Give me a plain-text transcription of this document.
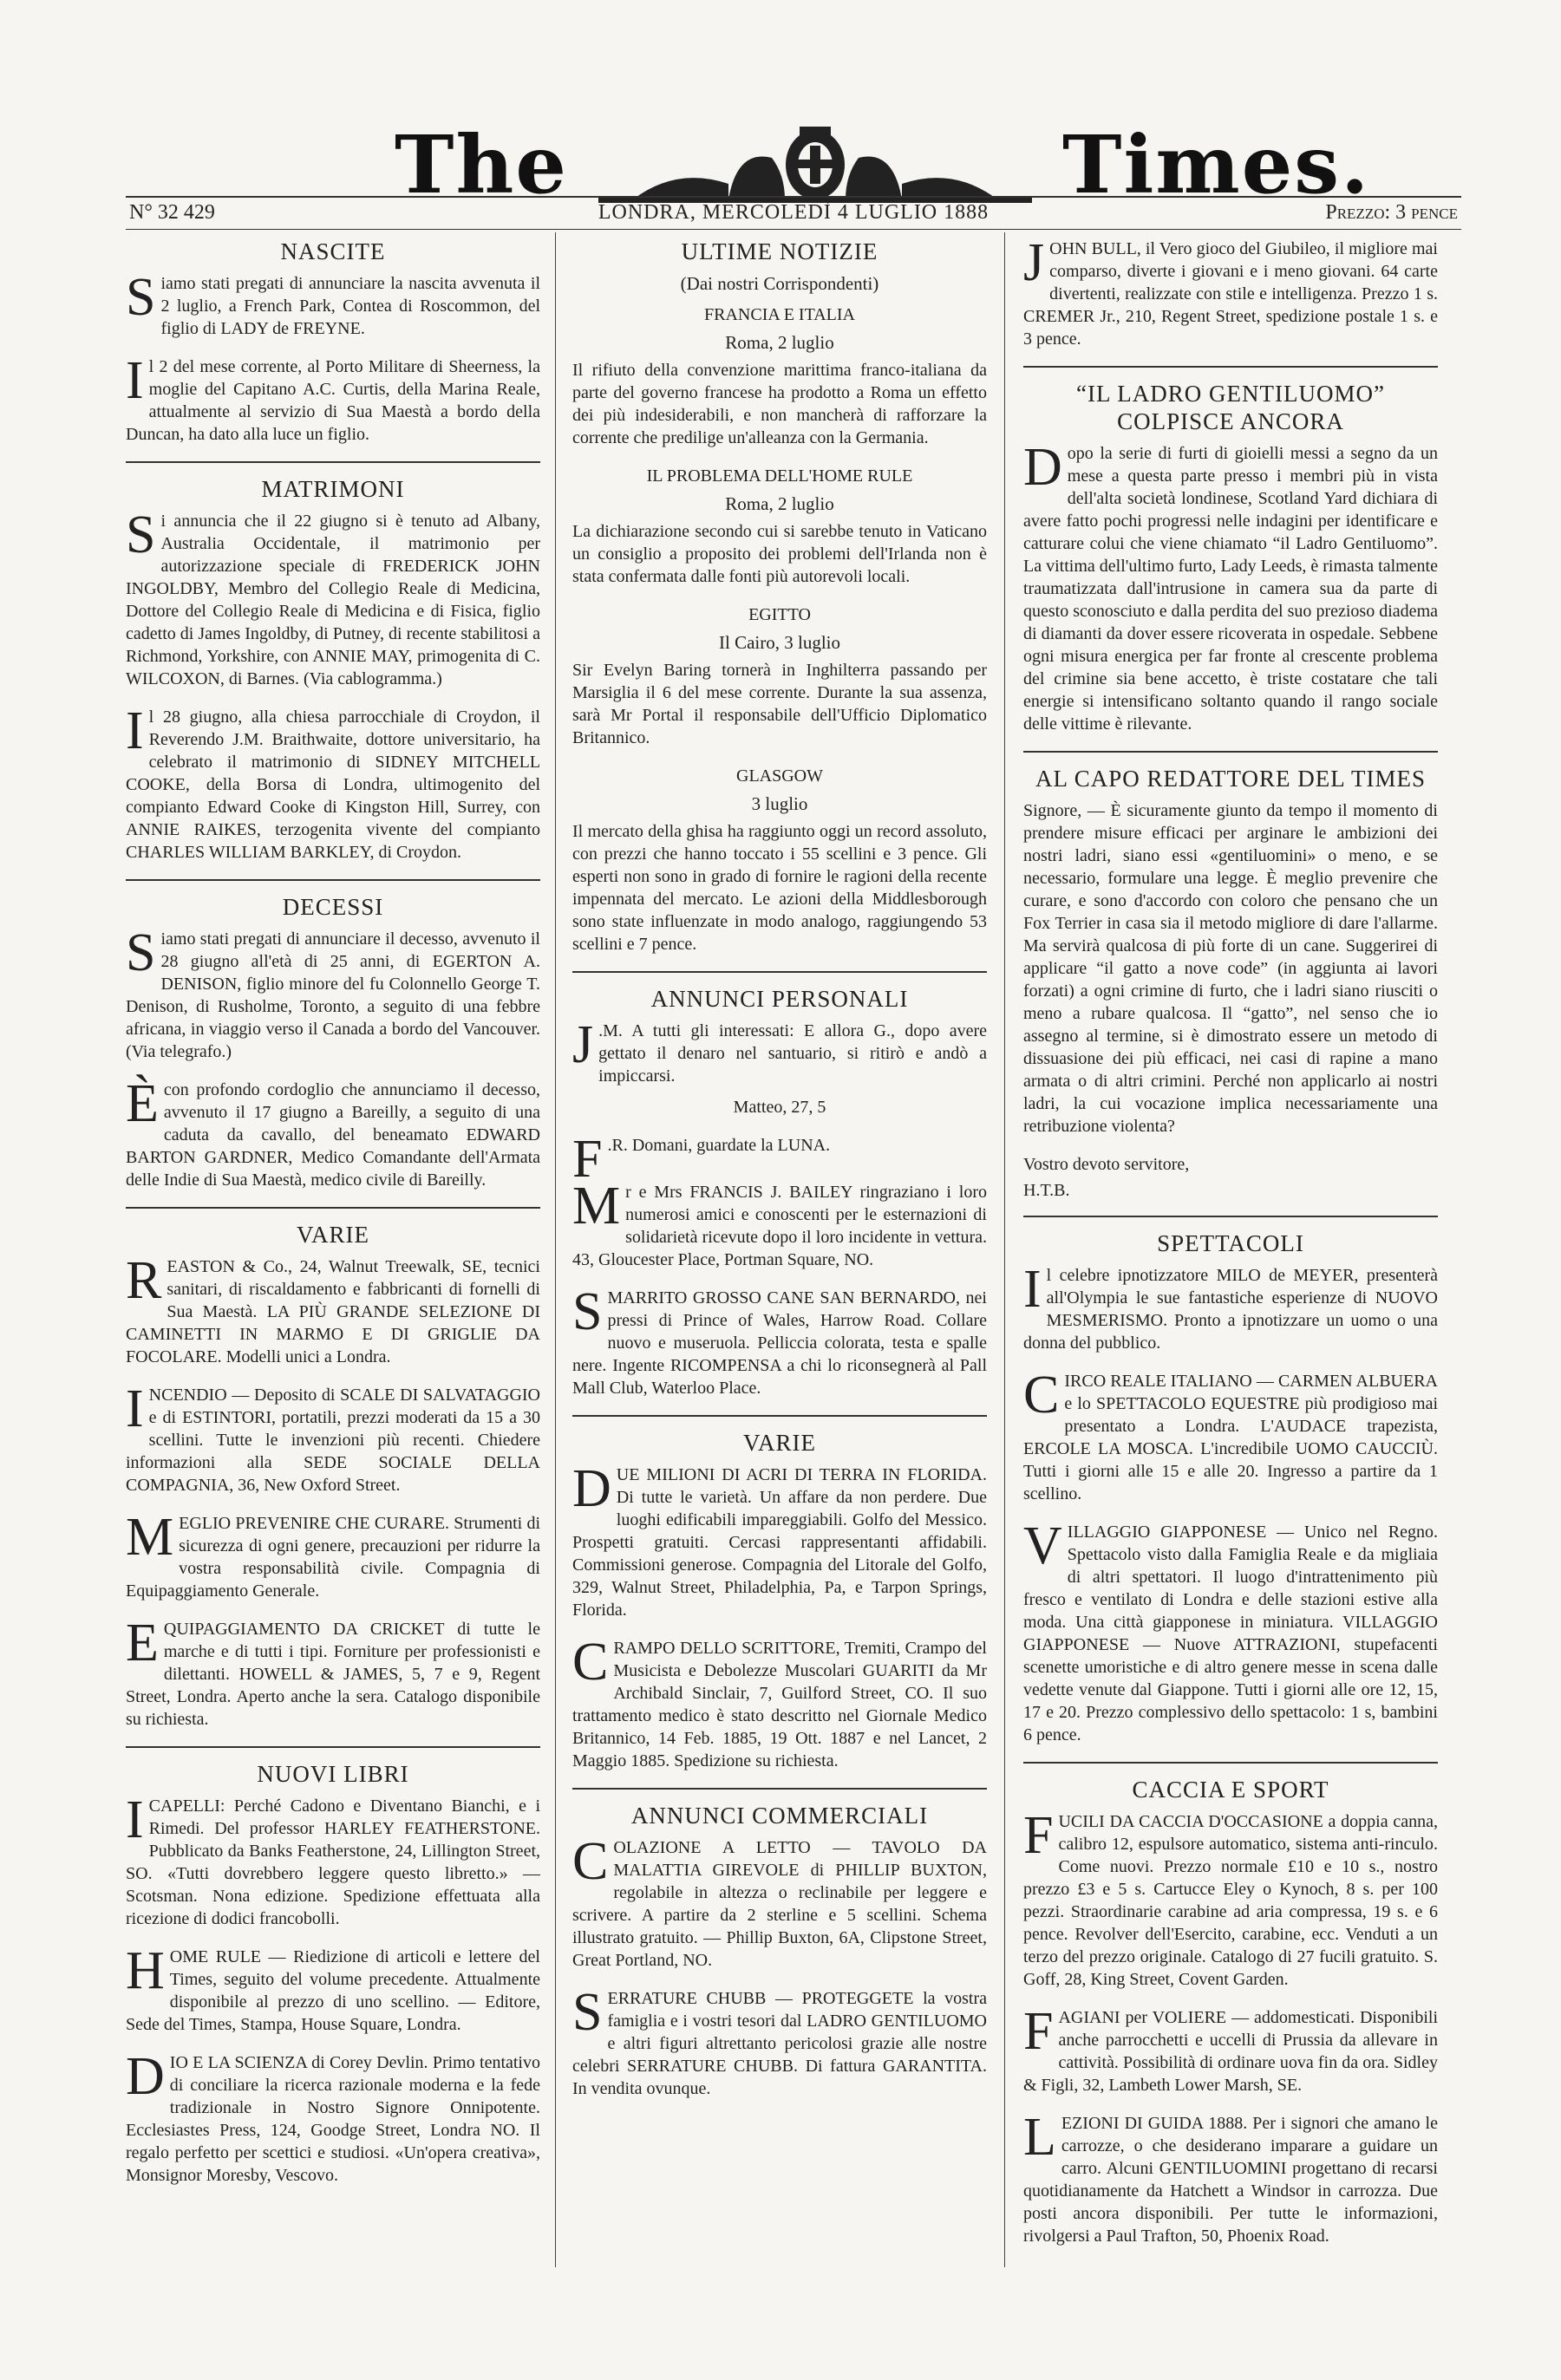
The	Times.
N° 32 429	LONDRA, MERCOLEDÌ 4 LUGLIO 1888	Prezzo: 3 pence
NASCITE

Siamo stati pregati di annunciare la nascita avvenuta il 2 luglio, a French Park, Contea di Roscommon, del figlio di LADY de FREYNE.

Il 2 del mese corrente, al Porto Militare di Sheerness, la moglie del Capitano A.C. Curtis, della Marina Reale, attualmente al servizio di Sua Maestà a bordo della Duncan, ha dato alla luce un figlio.

MATRIMONI

Si annuncia che il 22 giugno si è tenuto ad Albany, Australia Occidentale, il matrimonio per autorizzazione speciale di FREDERICK JOHN INGOLDBY, Membro del Collegio Reale di Medicina, Dottore del Collegio Reale di Medicina e di Fisica, figlio cadetto di James Ingoldby, di Putney, di recente stabilitosi a Richmond, Yorkshire, con ANNIE MAY, primogenita di C. WILCOXON, di Barnes. (Via cablogramma.)

Il 28 giugno, alla chiesa parrocchiale di Croydon, il Reverendo J.M. Braithwaite, dottore universitario, ha celebrato il matrimonio di SIDNEY MITCHELL COOKE, della Borsa di Londra, ultimogenito del compianto Edward Cooke di Kingston Hill, Surrey, con ANNIE RAIKES, terzogenita vivente del compianto CHARLES WILLIAM BARKLEY, di Croydon.

DECESSI

Siamo stati pregati di annunciare il decesso, avvenuto il 28 giugno all'età di 25 anni, di EGERTON A. DENISON, figlio minore del fu Colonnello George T. Denison, di Rusholme, Toronto, a seguito di una febbre africana, in viaggio verso il Canada a bordo del Vancouver. (Via telegrafo.)

Ècon profondo cordoglio che annunciamo il decesso, avvenuto il 17 giugno a Bareilly, a seguito di una caduta da cavallo, del beneamato EDWARD BARTON GARDNER, Medico Comandante dell'Armata delle Indie di Sua Maestà, medico civile di Bareilly.

VARIE

REASTON & Co., 24, Walnut Treewalk, SE, tecnici sanitari, di riscaldamento e fabbricanti di fornelli di Sua Maestà. LA PIÙ GRANDE SELEZIONE DI CAMINETTI IN MARMO E DI GRIGLIE DA FOCOLARE. Modelli unici a Londra.

INCENDIO — Deposito di SCALE DI SALVATAGGIO e di ESTINTORI, portatili, prezzi moderati da 15 a 30 scellini. Tutte le invenzioni più recenti. Chiedere informazioni alla SEDE SOCIALE DELLA COMPAGNIA, 36, New Oxford Street.

MEGLIO PREVENIRE CHE CURARE. Strumenti di sicurezza di ogni genere, precauzioni per ridurre la vostra responsabilità civile. Compagnia di Equipaggiamento Generale.

EQUIPAGGIAMENTO DA CRICKET di tutte le marche e di tutti i tipi. Forniture per professionisti e dilettanti. HOWELL & JAMES, 5, 7 e 9, Regent Street, Londra. Aperto anche la sera. Catalogo disponibile su richiesta.

NUOVI LIBRI

ICAPELLI: Perché Cadono e Diventano Bianchi, e i Rimedi. Del professor HARLEY FEATHERSTONE. Pubblicato da Banks Featherstone, 24, Lillington Street, SO. «Tutti dovrebbero leggere questo libretto.» — Scotsman. Nona edizione. Spedizione effettuata alla ricezione di dodici francobolli.

HOME RULE — Riedizione di articoli e lettere del Times, seguito del volume precedente. Attualmente disponibile al prezzo di uno scellino. — Editore, Sede del Times, Stampa, House Square, Londra.

DIO E LA SCIENZA di Corey Devlin. Primo tentativo di conciliare la ricerca razionale moderna e la fede tradizionale in Nostro Signore Onnipotente. Ecclesiastes Press, 124, Goodge Street, Londra NO. Il regalo perfetto per scettici e studiosi. «Un'opera creativa», Monsignor Moresby, Vescovo.

ULTIME NOTIZIE
(Dai nostri Corrispondenti)
FRANCIA E ITALIA
Roma, 2 luglio

Il rifiuto della convenzione marittima franco-italiana da parte del governo francese ha prodotto a Roma un effetto dei più indesiderabili, e non mancherà di rafforzare la corrente che predilige un'alleanza con la Germania.

IL PROBLEMA DELL'HOME RULE
Roma, 2 luglio

La dichiarazione secondo cui si sarebbe tenuto in Vaticano un consiglio a proposito dei problemi dell'Irlanda non è stata confermata dalle fonti più autorevoli locali.

EGITTO
Il Cairo, 3 luglio

Sir Evelyn Baring tornerà in Inghilterra passando per Marsiglia il 6 del mese corrente. Durante la sua assenza, sarà Mr Portal il responsabile dell'Ufficio Diplomatico Britannico.

GLASGOW
3 luglio

Il mercato della ghisa ha raggiunto oggi un record assoluto, con prezzi che hanno toccato i 55 scellini e 3 pence. Gli esperti non sono in grado di fornire le ragioni della recente impennata del mercato. Le azioni della Middlesborough sono state influenzate in modo analogo, raggiungendo 53 scellini e 7 pence.

ANNUNCI PERSONALI

J .M. A tutti gli interessati: E allora G., dopo avere gettato il denaro nel santuario, si ritirò e andò a impiccarsi.

Matteo, 27, 5

F .R. Domani, guardate la LUNA.

Mr e Mrs FRANCIS J. BAILEY ringraziano i loro numerosi amici e conoscenti per le esternazioni di solidarietà ricevute dopo il loro incidente in vettura. 43, Gloucester Place, Portman Square, NO.

SMARRITO GROSSO CANE SAN BERNARDO, nei pressi di Prince of Wales, Harrow Road. Collare nuovo e museruola. Pelliccia colorata, testa e spalle nere. Ingente RICOMPENSA a chi lo riconsegnerà al Pall Mall Club, Waterloo Place.

VARIE

DUE MILIONI DI ACRI DI TERRA IN FLORIDA. Di tutte le varietà. Un affare da non perdere. Due luoghi edificabili impareggiabili. Golfo del Messico. Prospetti gratuiti. Cercasi rappresentanti affidabili. Commissioni generose. Compagnia del Litorale del Golfo, 329, Walnut Street, Philadelphia, Pa, e Tarpon Springs, Florida.

CRAMPO DELLO SCRITTORE, Tremiti, Crampo del Musicista e Debolezze Muscolari GUARITI da Mr Archibald Sinclair, 7, Guilford Street, CO. Il suo trattamento medico è stato descritto nel Giornale Medico Britannico, 14 Feb. 1885, 19 Ott. 1887 e nel Lancet, 2 Maggio 1885. Spedizione su richiesta.

ANNUNCI COMMERCIALI

COLAZIONE A LETTO — TAVOLO DA MALATTIA GIREVOLE di PHILLIP BUXTON, regolabile in altezza o reclinabile per leggere e scrivere. A partire da 2 sterline e 5 scellini. Schema illustrato gratuito. — Phillip Buxton, 6A, Clipstone Street, Great Portland, NO.

SERRATURE CHUBB — PROTEGGETE la vostra famiglia e i vostri tesori dal LADRO GENTILUOMO e altri figuri altrettanto pericolosi grazie alle nostre celebri SERRATURE CHUBB. Di fattura GARANTITA. In vendita ovunque.

JOHN BULL, il Vero gioco del Giubileo, il migliore mai comparso, diverte i giovani e i meno giovani. 64 carte divertenti, realizzate con stile e intelligenza. Prezzo 1 s. CREMER Jr., 210, Regent Street, spedizione postale 1 s. e 3 pence.

“IL LADRO GENTILUOMO”
COLPISCE ANCORA

Dopo la serie di furti di gioielli messi a segno da un mese a questa parte presso i membri più in vista dell'alta società londinese, Scotland Yard dichiara di avere fatto pochi progressi nelle indagini per identificare e catturare colui che viene chiamato “il Ladro Gentiluomo”. La vittima dell'ultimo furto, Lady Leeds, è rimasta talmente traumatizzata dall'intrusione in camera sua da parte di questo sconosciuto e dalla perdita del suo prezioso diadema di diamanti da dover essere ricoverata in ospedale. Sebbene ogni misura energica per far fronte al crescente problema del crimine sia bene accetto, è triste costatare che tali energie si intensificano soltanto quando il rango sociale delle vittime è rilevante.

AL CAPO REDATTORE DEL TIMES

Signore, — È sicuramente giunto da tempo il momento di prendere misure efficaci per arginare le ambizioni dei nostri ladri, siano essi «gentiluomini» o meno, e se necessario, formulare una legge. È meglio prevenire che curare, e sono d'accordo con coloro che pensano che un Fox Terrier in casa sia il metodo migliore di dare l'allarme. Ma servirà qualcosa di più forte di un cane. Suggerirei di applicare “il gatto a nove code” (in aggiunta ai lavori forzati) a ogni crimine di furto, che i ladri siano riusciti o meno a rubare qualcosa. Il “gatto”, nel senso che io assegno al termine, si è dimostrato essere un metodo di dissuasione dei più efficaci, nei casi di rapine a mano armata o di altri crimini. Perché non applicarlo ai nostri ladri, la cui vocazione implica necessariamente una retribuzione violenta?

Vostro devoto servitore,

H.T.B.

SPETTACOLI

Il celebre ipnotizzatore MILO de MEYER, presenterà all'Olympia le sue fantastiche esperienze di NUOVO MESMERISMO. Pronto a ipnotizzare un uomo o una donna del pubblico.

CIRCO REALE ITALIANO — CARMEN ALBUERA e lo SPETTACOLO EQUESTRE più prodigioso mai presentato a Londra. L'AUDACE trapezista, ERCOLE LA MOSCA. L'incredibile UOMO CAUCCIÙ. Tutti i giorni alle 15 e alle 20. Ingresso a partire da 1 scellino.

VILLAGGIO GIAPPONESE — Unico nel Regno. Spettacolo visto dalla Famiglia Reale e da migliaia di altri spettatori. Il luogo d'intrattenimento più fresco e ventilato di Londra e delle stazioni estive alla moda. Una città giapponese in miniatura. VILLAGGIO GIAPPONESE — Nuove ATTRAZIONI, stupefacenti scenette umoristiche e di altro genere messe in scena dalle vedette venute dal Giappone. Tutti i giorni alle ore 12, 15, 17 e 20. Prezzo complessivo dello spettacolo: 1 s, bambini 6 pence.

CACCIA E SPORT

FUCILI DA CACCIA D'OCCASIONE a doppia canna, calibro 12, espulsore automatico, sistema anti-rinculo. Come nuovi. Prezzo normale £10 e 10 s., nostro prezzo £3 e 5 s. Cartucce Eley o Kynoch, 8 s. per 100 pezzi. Straordinarie carabine ad aria compressa, 19 s. e 6 pence. Revolver dell'Esercito, carabine, ecc. Venduti a un terzo del prezzo originale. Catalogo di 27 fucili gratuito. S. Goff, 28, King Street, Covent Garden.

FAGIANI per VOLIERE — addomesticati. Disponibili anche parrocchetti e uccelli di Prussia da allevare in cattività. Possibilità di ordinare uova fin da ora. Sidley & Figli, 32, Lambeth Lower Marsh, SE.

LEZIONI DI GUIDA 1888. Per i signori che amano le carrozze, o che desiderano imparare a guidare un carro. Alcuni GENTILUOMINI progettano di recarsi quotidianamente da Hatchett a Windsor in carrozza. Due posti ancora disponibili. Per tutte le informazioni, rivolgersi a Paul Trafton, 50, Phoenix Road.
